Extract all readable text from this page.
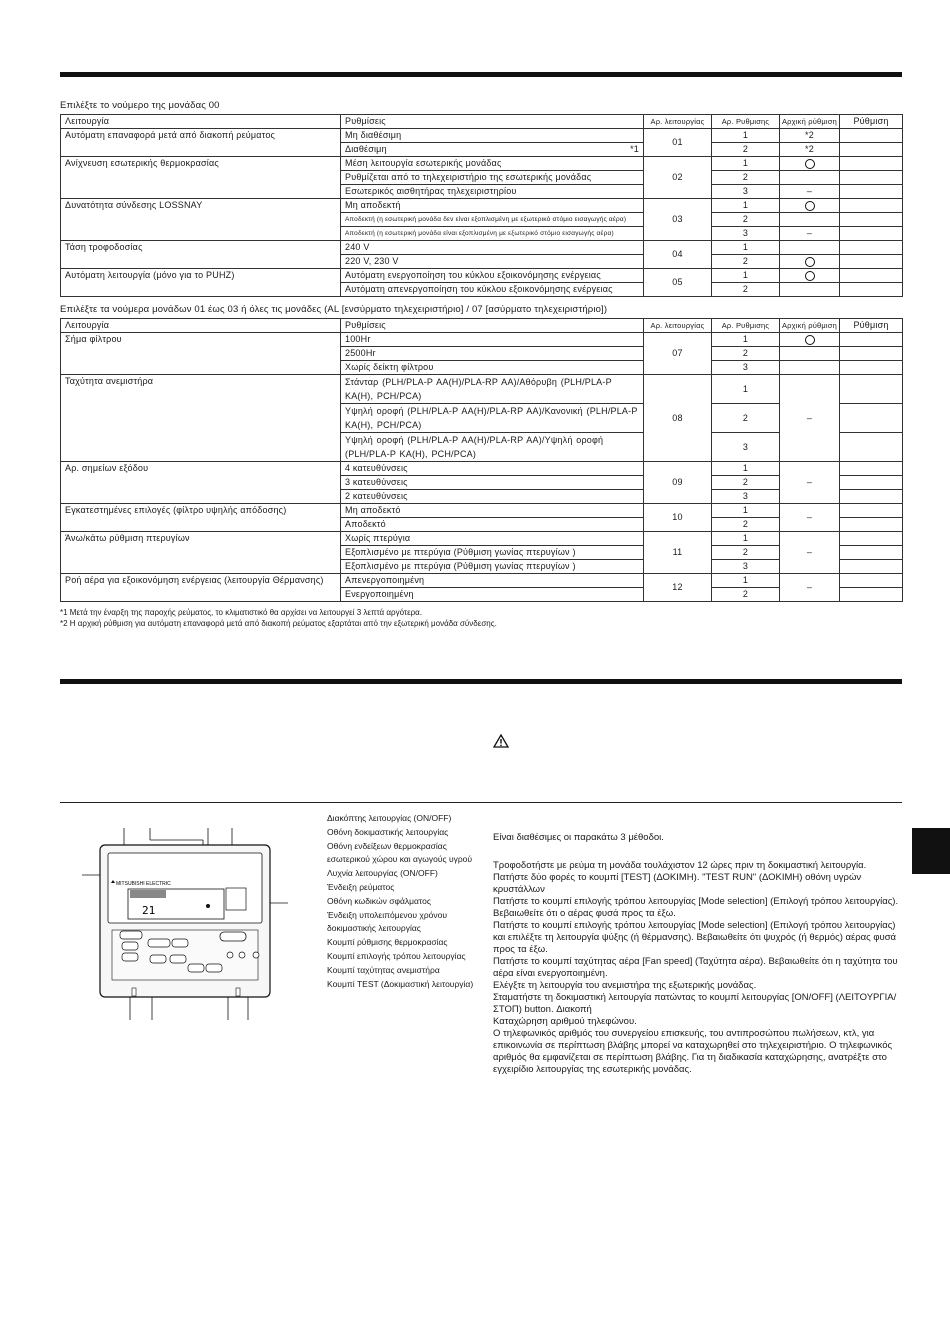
Επιλέξτε το νούμερο της μονάδας 00
Λειτουργία	Ρυθμίσεις	Αρ. λειτουργίας	Αρ. Ρυθμισης	Αρχική ρύθμιση	Ρύθμιση
Αυτόματη επαναφορά μετά από διακοπή ρεύματος	Μη διαθέσιμη	01	1	*2	
	Διαθέσιμη *1		2	*2	
Ανίχνευση εσωτερικής θερμοκρασίας	Μέση λειτουργία εσωτερικής μονάδας	02	1		
	Ρυθμίζεται από το τηλεχειριστήριο της εσωτερικής μονάδας		2		
	Εσωτερικός αισθητήρας τηλεχειριστηρίου		3	–	
Δυνατότητα σύνδεσης LOSSNAY	Μη αποδεκτή	03	1		
	Αποδεκτή (η εσωτερική μονάδα δεν είναι εξοπλισμένη με εξωτερικό στόμιο εισαγωγής αέρα)		2		
	Αποδεκτή (η εσωτερική μονάδα είναι εξοπλισμένη με εξωτερικό στόμιο εισαγωγής αέρα)		3	–	
Τάση τροφοδοσίας	240 V	04	1		
	220 V, 230 V		2		
Αυτόματη λειτουργία (μόνο για το PUHZ)	Αυτόματη ενεργοποίηση του κύκλου εξοικονόμησης ενέργειας	05	1		
	Αυτόματη απενεργοποίηση του κύκλου εξοικονόμησης ενέργειας		2		
Επιλέξτε τα νούμερα μονάδων 01 έως 03 ή όλες τις μονάδες (AL [ενσύρματο τηλεχειριστήριο] / 07 [ασύρματο τηλεχειριστήριο])
Λειτουργία	Ρυθμίσεις	Αρ. λειτουργίας	Αρ. Ρυθμισης	Αρχική ρύθμιση	Ρύθμιση
Σήμα φίλτρου	100Hr	07	1		
	2500Hr		2		
	Χωρίς δείκτη φίλτρου		3		
Ταχύτητα ανεμιστήρα	Στάνταρ (PLH/PLA-P AA(H)/PLA-RP AA)/Αθόρυβη (PLH/PLA-P KA(H), PCH/PCA)	08	1	–	
	Υψηλή οροφή (PLH/PLA-P AA(H)/PLA-RP AA)/Κανονική (PLH/PLA-P KA(H), PCH/PCA)		2		
	Υψηλή οροφή (PLH/PLA-P AA(H)/PLA-RP AA)/Υψηλή οροφή (PLH/PLA-P KA(H), PCH/PCA)		3		
Αρ. σημείων εξόδου	4 κατευθύνσεις	09	1	–	
	3 κατευθύνσεις		2		
	2 κατευθύνσεις		3		
Εγκατεστημένες επιλογές (φίλτρο υψηλής απόδοσης)	Μη αποδεκτό	10	1	–	
	Αποδεκτό		2		
Άνω/κάτω ρύθμιση πτερυγίων	Χωρίς πτερύγια	11	1	–	
	Εξοπλισμένο με πτερύγια (Ρύθμιση γωνίας πτερυγίων )		2		
	Εξοπλισμένο με πτερύγια (Ρύθμιση γωνίας πτερυγίων )		3		
Ροή αέρα για εξοικονόμηση ενέργειας (λειτουργία Θέρμανσης)	Απενεργοποιημένη	12	1	–	
	Ενεργοποιημένη		2		
*1 Μετά την έναρξη της παροχής ρεύματος, το κλιματιστικό θα αρχίσει να λειτουργεί 3 λεπτά αργότερα.
*2 Η αρχική ρύθμιση για αυτόματη επαναφορά μετά από διακοπή ρεύματος εξαρτάται από την εξωτερική μονάδα σύνδεσης.
MITSUBISHI ELECTRIC
21
Διακόπτης λειτουργίας (ON/OFF)
Οθόνη δοκιμαστικής λειτουργίας
Οθόνη ενδείξεων θερμοκρασίας εσωτερικού χώρου και αγωγούς υγρού
Λυχνία λειτουργίας (ON/OFF)
Ένδειξη ρεύματος
Οθόνη κωδικών σφάλματος
Ένδειξη υπολειπόμενου χρόνου δοκιμαστικής λειτουργίας
Κουμπί ρύθμισης θερμοκρασίας
Κουμπί επιλογής τρόπου λειτουργίας
Κουμπί ταχύτητας ανεμιστήρα
Κουμπί TEST (Δοκιμαστική λειτουργία)
Είναι διαθέσιμες οι παρακάτω 3 μέθοδοι.
Τροφοδοτήστε με ρεύμα τη μονάδα τουλάχιστον 12 ώρες πριν τη δοκιμαστική λειτουργία.
Πατήστε δύο φορές το κουμπί [TEST] (ΔΟΚΙΜΗ). "TEST RUN" (ΔΟΚΙΜΗ) οθόνη υγρών κρυστάλλων
Πατήστε το κουμπί επιλογής τρόπου λειτουργίας [Mode selection] (Επιλογή τρόπου λειτουργίας). Βεβαιωθείτε ότι ο αέρας φυσά προς τα έξω.
Πατήστε το κουμπί επιλογής τρόπου λειτουργίας [Mode selection] (Επιλογή τρόπου λειτουργίας) και επιλέξτε τη λειτουργία ψύξης (ή θέρμανσης). Βεβαιωθείτε ότι ψυχρός (ή θερμός) αέρας φυσά προς τα έξω.
Πατήστε το κουμπί ταχύτητας αέρα [Fan speed] (Ταχύτητα αέρα). Βεβαιωθείτε ότι η ταχύτητα του αέρα είναι ενεργοποιημένη.
Ελέγξτε τη λειτουργία του ανεμιστήρα της εξωτερικής μονάδας.
Σταματήστε τη δοκιμαστική λειτουργία πατώντας το κουμπί λειτουργίας [ON/OFF] (ΛΕΙΤΟΥΡΓΙΑ/ΣΤΟΠ) button. Διακοπή
Καταχώρηση αριθμού τηλεφώνου.
Ο τηλεφωνικός αριθμός του συνεργείου επισκευής, του αντιπροσώπου πωλήσεων, κτλ, για επικοινωνία σε περίπτωση βλάβης μπορεί να καταχωρηθεί στο τηλεχειριστήριο. Ο τηλεφωνικός αριθμός θα εμφανίζεται σε περίπτωση βλάβης. Για τη διαδικασία καταχώρησης, ανατρέξτε στο εγχειρίδιο λειτουργίας της εσωτερικής μονάδας.
